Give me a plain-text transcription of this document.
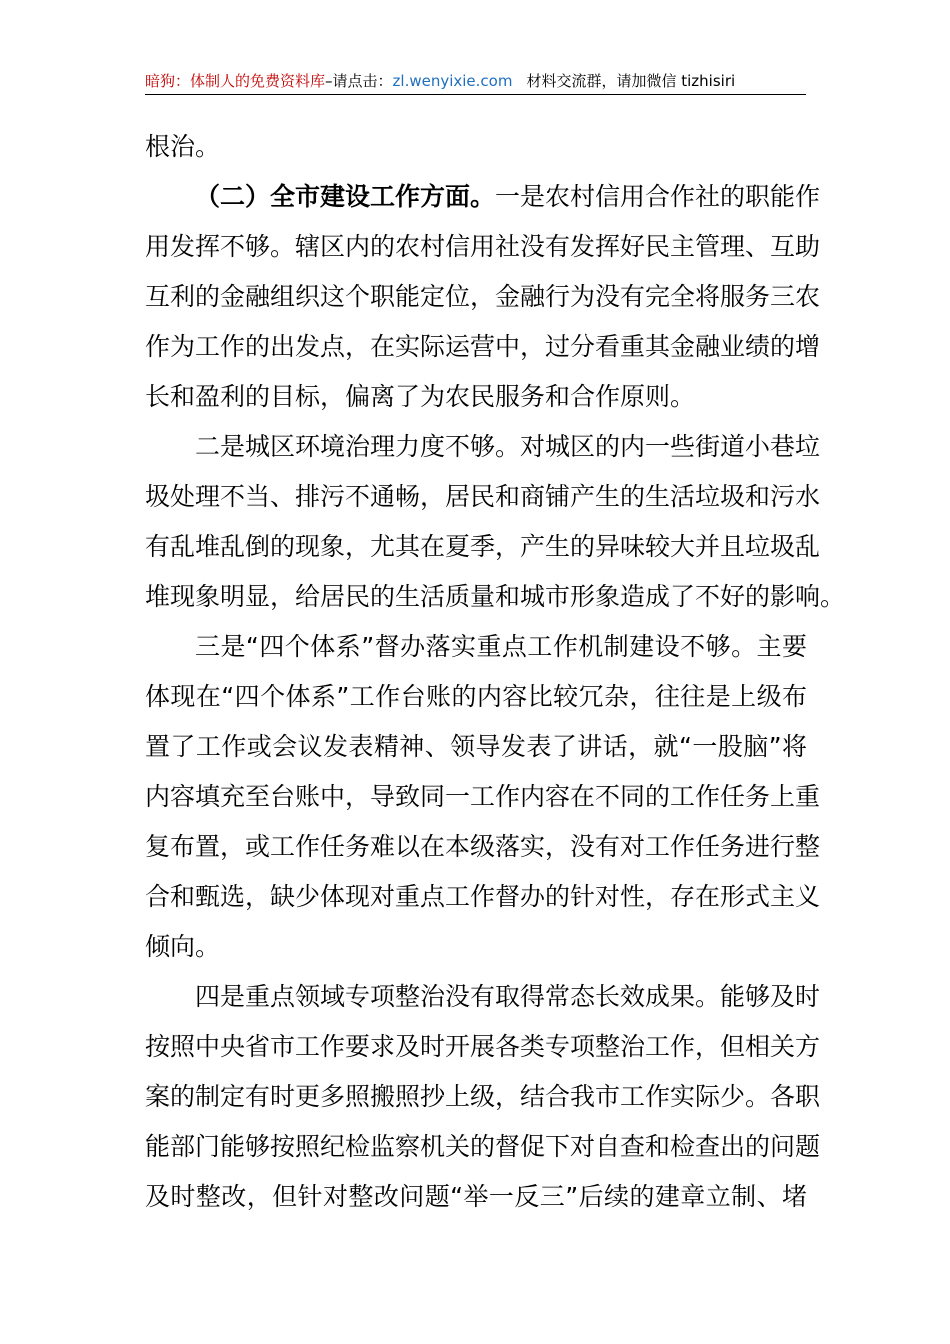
暗狗：体制人的免费资料库–请点击：zl.wenyixie.com 材料交流群，请加微信 tizhisiri
根治。
（二）全市建设工作方面。一是农村信用合作社的职能作
用发挥不够。辖区内的农村信用社没有发挥好民主管理、互助
互利的金融组织这个职能定位，金融行为没有完全将服务三农
作为工作的出发点，在实际运营中，过分看重其金融业绩的增
长和盈利的目标，偏离了为农民服务和合作原则。
二是城区环境治理力度不够。对城区的内一些街道小巷垃
圾处理不当、排污不通畅，居民和商铺产生的生活垃圾和污水
有乱堆乱倒的现象，尤其在夏季，产生的异味较大并且垃圾乱
堆现象明显，给居民的生活质量和城市形象造成了不好的影响。
三是“四个体系”督办落实重点工作机制建设不够。主要
体现在“四个体系”工作台账的内容比较冗杂，往往是上级布
置了工作或会议发表精神、领导发表了讲话，就“一股脑”将
内容填充至台账中，导致同一工作内容在不同的工作任务上重
复布置，或工作任务难以在本级落实，没有对工作任务进行整
合和甄选，缺少体现对重点工作督办的针对性，存在形式主义
倾向。
四是重点领域专项整治没有取得常态长效成果。能够及时
按照中央省市工作要求及时开展各类专项整治工作，但相关方
案的制定有时更多照搬照抄上级，结合我市工作实际少。各职
能部门能够按照纪检监察机关的督促下对自查和检查出的问题
及时整改，但针对整改问题“举一反三”后续的建章立制、堵
